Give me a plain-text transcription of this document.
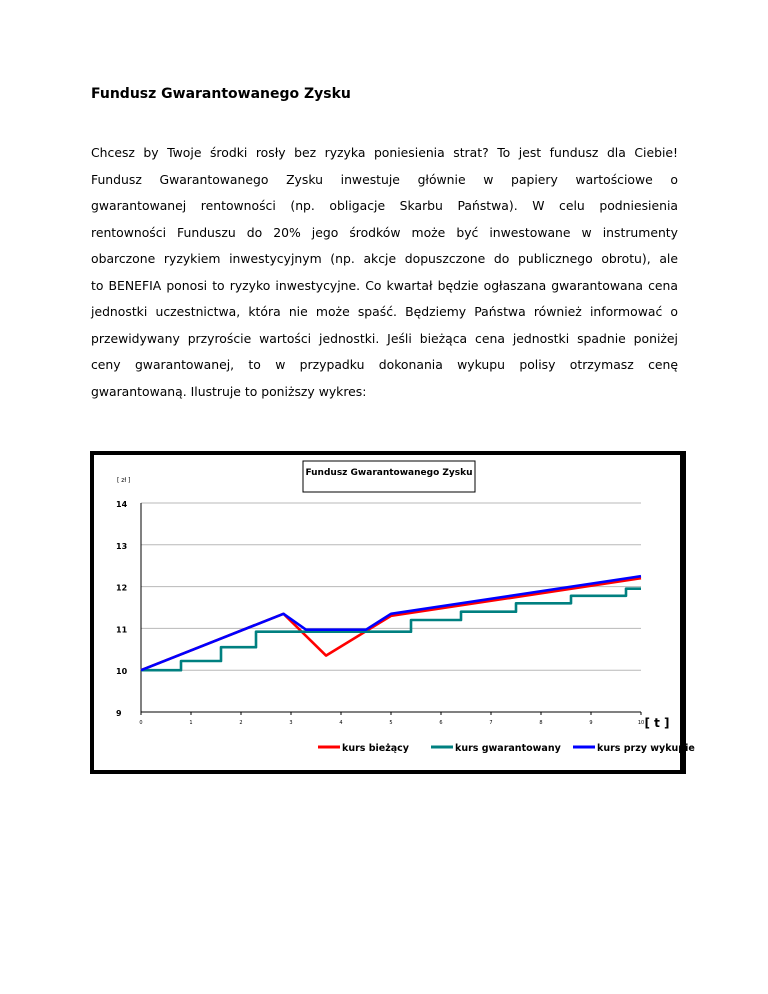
Fundusz Gwarantowanego Zysku
Chcesz by Twoje środki rosły bez ryzyka poniesienia strat? To jest fundusz dla Ciebie!
Fundusz Gwarantowanego Zysku inwestuje głównie w papiery wartościowe o
gwarantowanej rentowności (np. obligacje Skarbu Państwa). W celu podniesienia
rentowności Funduszu do 20% jego środków może być inwestowane w instrumenty
obarczone ryzykiem inwestycyjnym (np. akcje dopuszczone do publicznego obrotu), ale
to BENEFIA ponosi to ryzyko inwestycyjne. Co kwartał będzie ogłaszana gwarantowana cena
jednostki uczestnictwa, która nie może spaść. Będziemy Państwa również informować o
przewidywany przyroście wartości jednostki. Jeśli bieżąca cena jednostki spadnie poniżej
ceny gwarantowanej, to w przypadku dokonania wykupu polisy otrzymasz cenę
gwarantowaną. Ilustruje to poniższy wykres:
9
10
11
12
13
14
0	1	2	3	4	5	6	7	8	9	10
[ zł ]
[ t ]
Fundusz Gwarantowanego Zysku
kurs bieżący	kurs gwarantowany	kurs przy wykupie
